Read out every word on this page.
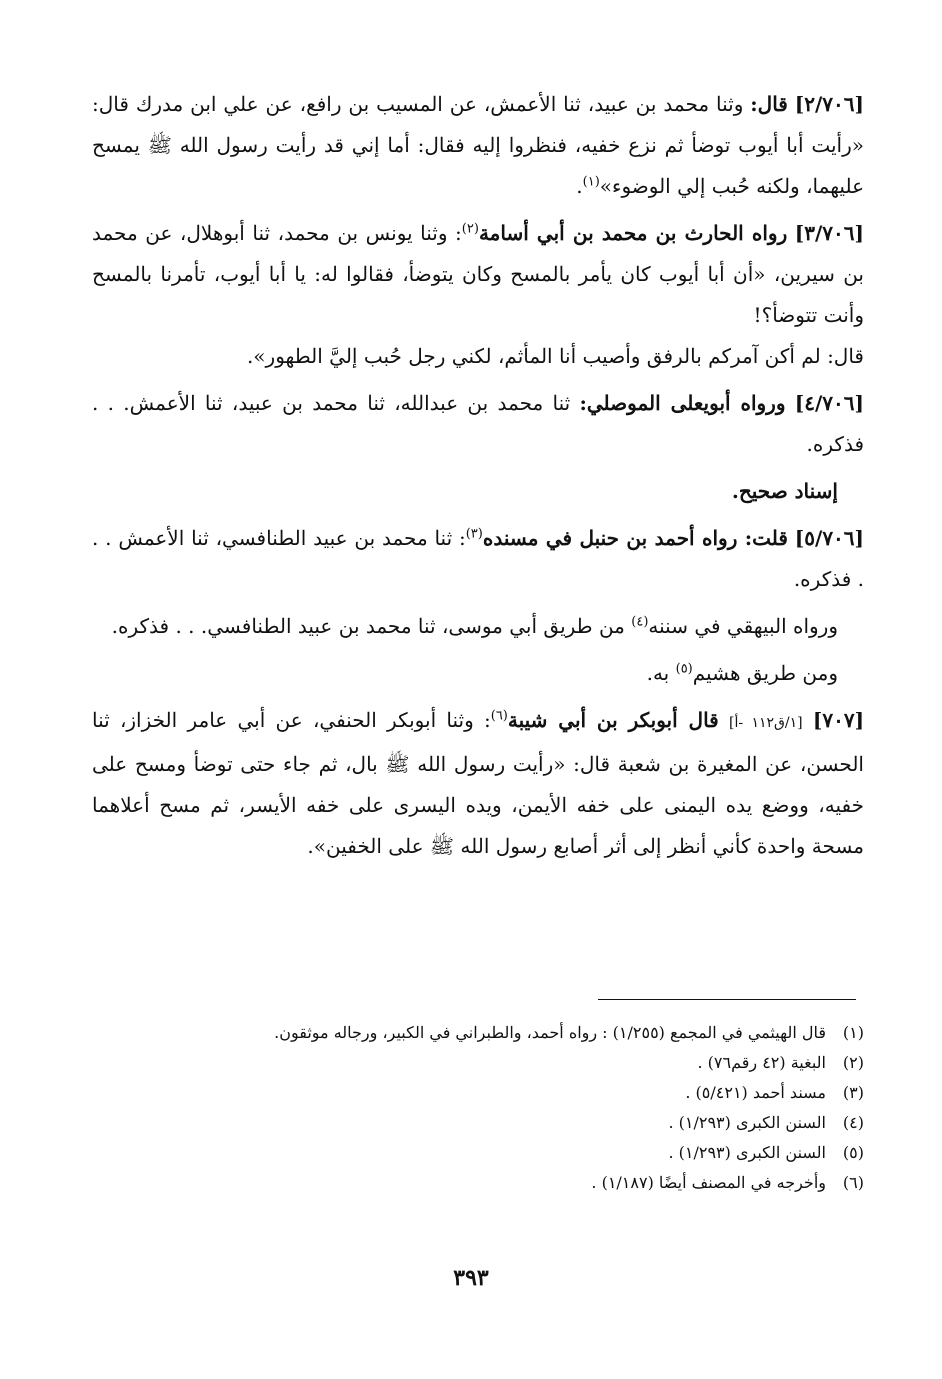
[٢/٧٠٦] قال: وثنا محمد بن عبيد، ثنا الأعمش، عن المسيب بن رافع، عن علي ابن مدرك قال: «رأيت أبا أيوب توضأ ثم نزع خفيه، فنظروا إليه فقال: أما إني قد رأيت رسول الله ﷺ يمسح عليهما، ولكنه حُبب إلي الوضوء»$^{(١)}$.

[٣/٧٠٦] رواه الحارث بن محمد بن أبي أسامة$^{(٢)}$: وثنا يونس بن محمد، ثنا أبوهلال، عن محمد بن سيرين، «أن أبا أيوب كان يأمر بالمسح وكان يتوضأ، فقالوا له: يا أبا أيوب، تأمرنا بالمسح وأنت تتوضأ؟!
قال: لم أكن آمركم بالرفق وأصيب أنا المأثم، لكني رجل حُبب إليَّ الطهور».

[٤/٧٠٦] ورواه أبويعلى الموصلي: ثنا محمد بن عبدالله، ثنا محمد بن عبيد، ثنا الأعمش. . . فذكره.

إسناد صحيح.

[٥/٧٠٦] قلت: رواه أحمد بن حنبل في مسنده$^{(٣)}$: ثنا محمد بن عبيد الطنافسي، ثنا الأعمش . . . فذكره.

ورواه البيهقي في سننه$^{(٤)}$ من طريق أبي موسى، ثنا محمد بن عبيد الطنافسي. . . فذكره.

ومن طريق هشيم$^{(٥)}$ به.

[٧٠٧] [١/ق١١٢ -أ] قال أبوبكر بن أبي شيبة$^{(٦)}$: وثنا أبوبكر الحنفي، عن أبي عامر الخزاز، ثنا الحسن، عن المغيرة بن شعبة قال: «رأيت رسول الله ﷺ بال، ثم جاء حتى توضأ ومسح على خفيه، ووضع يده اليمنى على خفه الأيمن، ويده اليسرى على خفه الأيسر، ثم مسح أعلاهما مسحة واحدة كأني أنظر إلى أثر أصابع رسول الله ﷺ على الخفين».

(١)قال الهيثمي في المجمع (١/٢٥٥) : رواه أحمد، والطبراني في الكبير، ورجاله موثقون.
(٢)البغية (٤٢ رقم٧٦) .
(٣)مسند أحمد (٥/٤٢١) .
(٤)السنن الكبرى (١/٢٩٣) .
(٥)السنن الكبرى (١/٢٩٣) .
(٦)وأخرجه في المصنف أيضًا (١/١٨٧) .
٣٩٣
